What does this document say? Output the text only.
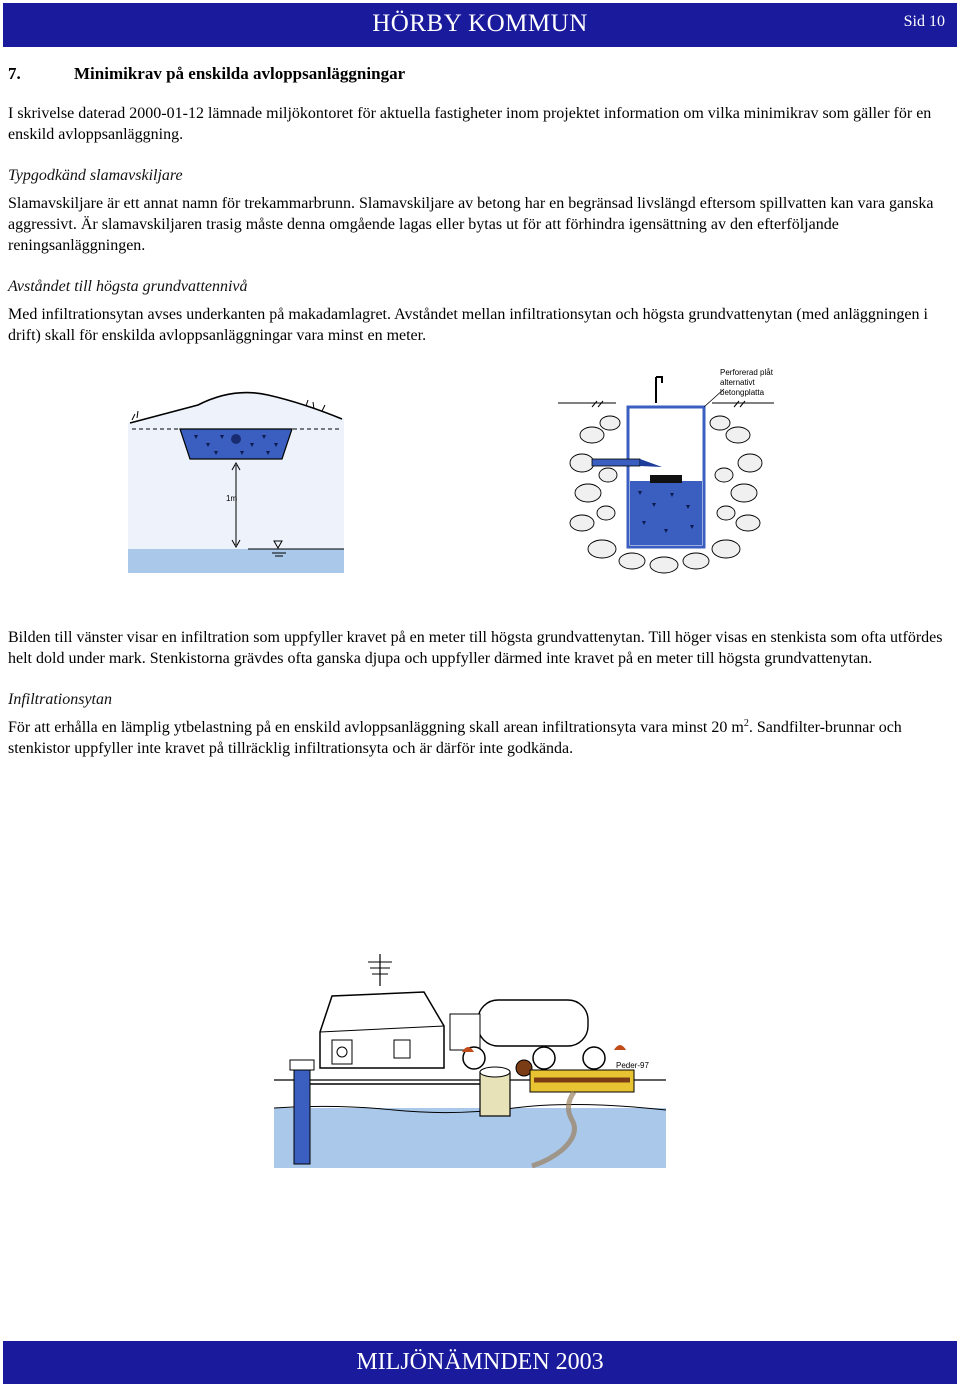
HÖRBY KOMMUN	Sid 10
7.	Minimikrav på enskilda avloppsanläggningar

I skrivelse daterad 2000-01-12 lämnade miljökontoret för aktuella fastigheter inom projektet information om vilka minimikrav som gäller för en enskild avloppsanläggning.

Typgodkänd slamavskiljare

Slamavskiljare är ett annat namn för trekammarbrunn. Slamavskiljare av betong har en begränsad livslängd eftersom spillvatten kan vara ganska aggressivt. Är slamavskiljaren trasig måste denna omgående lagas eller bytas ut för att förhindra igensättning av den efterföljande reningsanläggningen.

Avståndet till högsta grundvattennivå

Med infiltrationsytan avses underkanten på makadamlagret. Avståndet mellan infiltrationsytan och högsta grundvattenytan (med anläggningen i drift) skall för enskilda avloppsanläggningar vara minst en meter.

1m
Perforerad plåt
alternativt
betongplatta

Bilden till vänster visar en infiltration som uppfyller kravet på en meter till högsta grundvattenytan. Till höger visas en stenkista som ofta utfördes helt dold under mark. Stenkistorna grävdes ofta ganska djupa och uppfyller därmed inte kravet på en meter till högsta grundvattenytan.

Infiltrationsytan

För att erhålla en lämplig ytbelastning på en enskild avloppsanläggning skall arean infiltrationsyta vara minst 20 $m^2$. Sandfilter-brunnar och stenkistor uppfyller inte kravet på tillräcklig infiltrationsyta och är därför inte godkända.

Peder-97
MILJÖNÄMNDEN 2003
